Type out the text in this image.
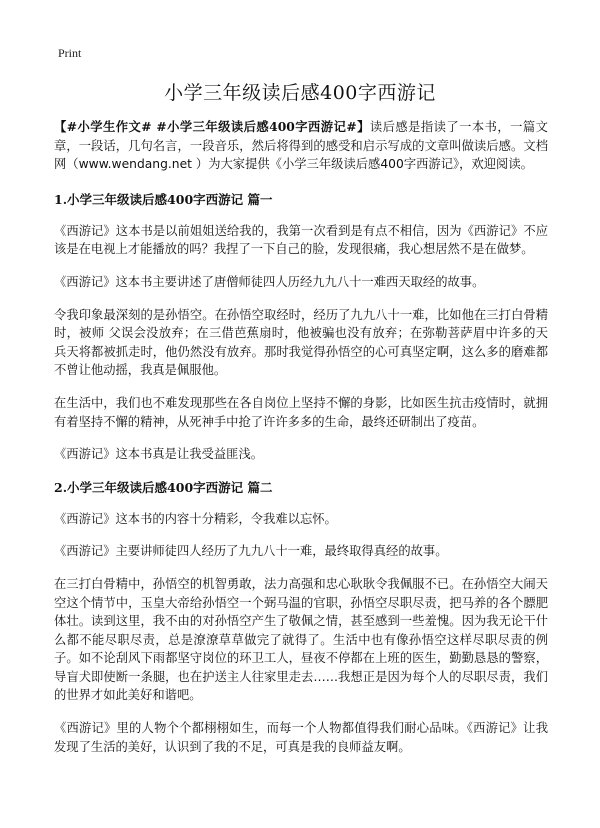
Print
小学三年级读后感400字西游记

【#小学生作文# #小学三年级读后感400字西游记#】读后感是指读了一本书，一篇文章，一段话，几句名言，一段音乐，然后将得到的感受和启示写成的文章叫做读后感。文档网（www.wendang.net ）为大家提供《小学三年级读后感400字西游记》，欢迎阅读。

1.小学三年级读后感400字西游记 篇一

《西游记》这本书是以前姐姐送给我的，我第一次看到是有点不相信，因为《西游记》不应该是在电视上才能播放的吗？我捏了一下自己的脸，发现很痛，我心想居然不是在做梦。

《西游记》这本书主要讲述了唐僧师徒四人历经九九八十一难西天取经的故事。

令我印象最深刻的是孙悟空。在孙悟空取经时，经历了九九八十一难，比如他在三打白骨精时，被师 父误会没放弃；在三借芭蕉扇时，他被骗也没有放弃；在弥勒菩萨眉中许多的天兵天将都被抓走时，他仍然没有放弃。那时我觉得孙悟空的心可真坚定啊，这么多的磨难都不曾让他动摇，我真是佩服他。

在生活中，我们也不难发现那些在各自岗位上坚持不懈的身影，比如医生抗击疫情时，就拥有着坚持不懈的精神，从死神手中抢了许许多多的生命，最终还研制出了疫苗。

《西游记》这本书真是让我受益匪浅。

2.小学三年级读后感400字西游记 篇二

《西游记》这本书的内容十分精彩，令我难以忘怀。

《西游记》主要讲师徒四人经历了九九八十一难，最终取得真经的故事。

在三打白骨精中，孙悟空的机智勇敢，法力高强和忠心耿耿令我佩服不已。在孙悟空大闹天空这个情节中，玉皇大帝给孙悟空一个弼马温的官职，孙悟空尽职尽责，把马养的各个膘肥体壮。读到这里，我不由的对孙悟空产生了敬佩之情，甚至感到一些羞愧。因为我无论干什么都不能尽职尽责，总是潦潦草草做完了就得了。生活中也有像孙悟空这样尽职尽责的例子。如不论刮风下雨都坚守岗位的环卫工人，昼夜不停都在上班的医生，勤勤恳恳的警察，导盲犬即使断一条腿，也在护送主人往家里走去……我想正是因为每个人的尽职尽责，我们的世界才如此美好和谐吧。

《西游记》里的人物个个都栩栩如生，而每一个人物都值得我们耐心品味。《西游记》让我发现了生活的美好，认识到了我的不足，可真是我的良师益友啊。
